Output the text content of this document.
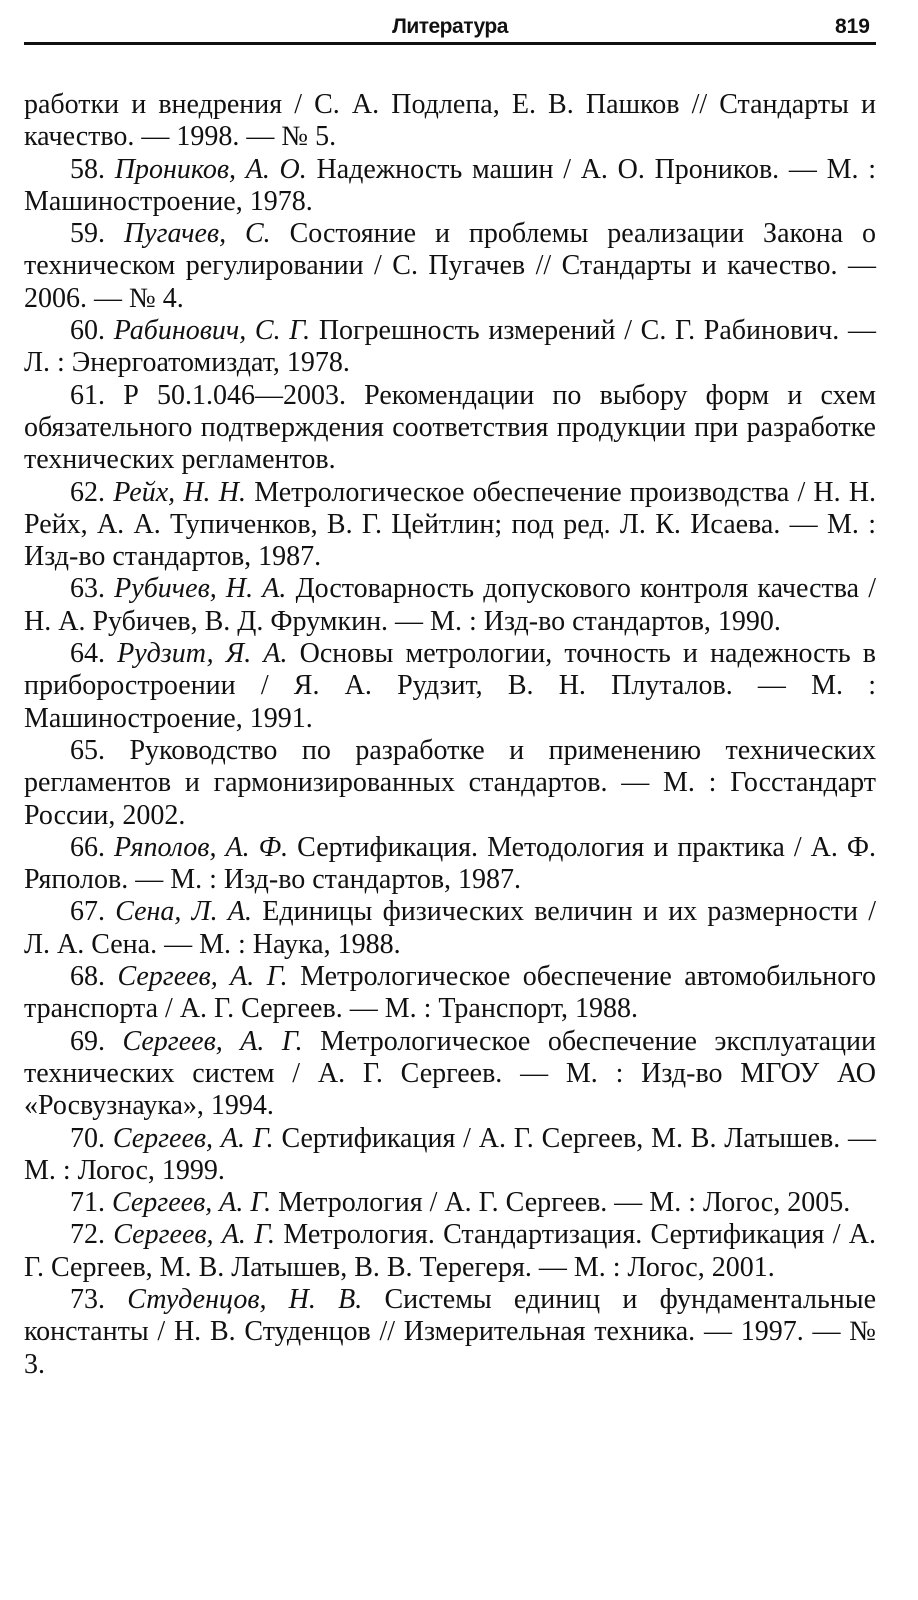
Литература	819

работки и внедрения / С. А. Подлепа, Е. В. Пашков // Стандарты и качество. — 1998. — № 5.

58. Проников, А. О. Надежность машин / А. О. Проников. — М. : Машиностроение, 1978.

59. Пугачев, С. Состояние и проблемы реализации Закона о техническом регулировании / С. Пугачев // Стандарты и качество. — 2006. — № 4.

60. Рабинович, С. Г. Погрешность измерений / С. Г. Рабинович. — Л. : Энергоатомиздат, 1978.

61. Р 50.1.046—2003. Рекомендации по выбору форм и схем обязательного подтверждения соответствия продукции при разработке технических регламентов.

62. Рейх, Н. Н. Метрологическое обеспечение производства / Н. Н. Рейх, А. А. Тупиченков, В. Г. Цейтлин; под ред. Л. К. Исаева. — М. : Изд-во стандартов, 1987.

63. Рубичев, Н. А. Достоварность допускового контроля качества / Н. А. Рубичев, В. Д. Фрумкин. — М. : Изд-во стандартов, 1990.

64. Рудзит, Я. А. Основы метрологии, точность и надежность в приборостроении / Я. А. Рудзит, В. Н. Плуталов. — М. : Машиностроение, 1991.

65. Руководство по разработке и применению технических регламентов и гармонизированных стандартов. — М. : Госстандарт России, 2002.

66. Ряполов, А. Ф. Сертификация. Методология и практика / А. Ф. Ряполов. — М. : Изд-во стандартов, 1987.

67. Сена, Л. А. Единицы физических величин и их размерности / Л. А. Сена. — М. : Наука, 1988.

68. Сергеев, А. Г. Метрологическое обеспечение автомобильного транспорта / А. Г. Сергеев. — М. : Транспорт, 1988.

69. Сергеев, А. Г. Метрологическое обеспечение эксплуатации технических систем / А. Г. Сергеев. — М. : Изд-во МГОУ АО «Росвузнаука», 1994.

70. Сергеев, А. Г. Сертификация / А. Г. Сергеев, М. В. Латышев. — М. : Логос, 1999.

71. Сергеев, А. Г. Метрология / А. Г. Сергеев. — М. : Логос, 2005.

72. Сергеев, А. Г. Метрология. Стандартизация. Сертификация / А. Г. Сергеев, М. В. Латышев, В. В. Терегеря. — М. : Логос, 2001.

73. Студенцов, Н. В. Системы единиц и фундаментальные константы / Н. В. Студенцов // Измерительная техника. — 1997. — № 3.
